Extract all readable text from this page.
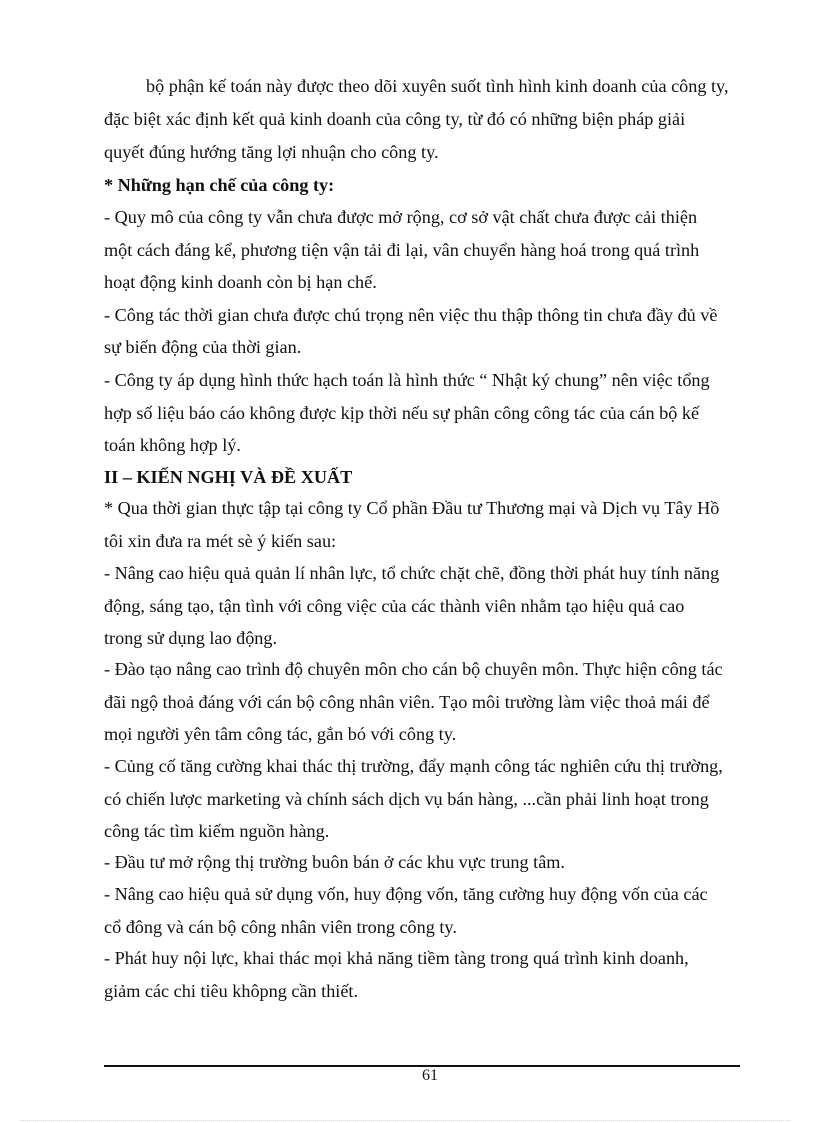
bộ phận kế toán này được theo dõi xuyên suốt tình hình kinh doanh của công ty,
đặc biệt xác định kết quả kinh doanh của công ty, từ đó có những biện pháp giải
quyết đúng hướng tăng lợi nhuận cho công ty.
* Những hạn chế của công ty:
- Quy mô của công ty vẫn chưa được mở rộng, cơ sở vật chất chưa được cải thiện
một cách đáng kể, phương tiện vận tải đi lại, vân chuyển hàng hoá trong quá trình
hoạt động kinh doanh còn bị hạn chế.
- Công tác thời gian chưa được chú trọng nên việc thu thập thông tin chưa đầy đủ về
sự biến động của thời gian.
- Công ty áp dụng hình thức hạch toán là hình thức “ Nhật ký chung” nên việc tổng
hợp số liệu báo cáo không được kịp thời nếu sự phân công công tác của cán bộ kế
toán không hợp lý.
II – KIẾN NGHỊ VÀ ĐỀ XUẤT
* Qua thời gian thực tập tại công ty Cổ phần Đầu tư Thương mại và Dịch vụ Tây Hồ
tôi xin đưa ra mét sè ý kiến sau:
- Nâng cao hiệu quả quản lí nhân lực, tổ chức chặt chẽ, đồng thời phát huy tính năng
động, sáng tạo, tận tình với công việc của các thành viên nhằm tạo hiệu quả cao
trong sử dụng lao động.
- Đào tạo nâng cao trình độ chuyên môn cho cán bộ chuyên môn. Thực hiện công tác
đãi ngộ thoả đáng với cán bộ công nhân viên. Tạo môi trường làm việc thoả mái để
mọi người yên tâm công tác, gắn bó với công ty.
- Củng cố tăng cường khai thác thị trường, đẩy mạnh công tác nghiên cứu thị trường,
có chiến lược marketing và chính sách dịch vụ bán hàng, ...cần phải linh hoạt trong
công tác tìm kiếm nguồn hàng.
- Đầu tư mở rộng thị trường buôn bán ở các khu vực trung tâm.
- Nâng cao hiệu quả sử dụng vốn, huy động vốn, tăng cường huy động vốn của các
cổ đông và cán bộ công nhân viên trong công ty.
- Phát huy nội lực, khai thác mọi khả năng tiềm tàng trong quá trình kinh doanh,
giảm các chi tiêu khôpng cần thiết.
61
